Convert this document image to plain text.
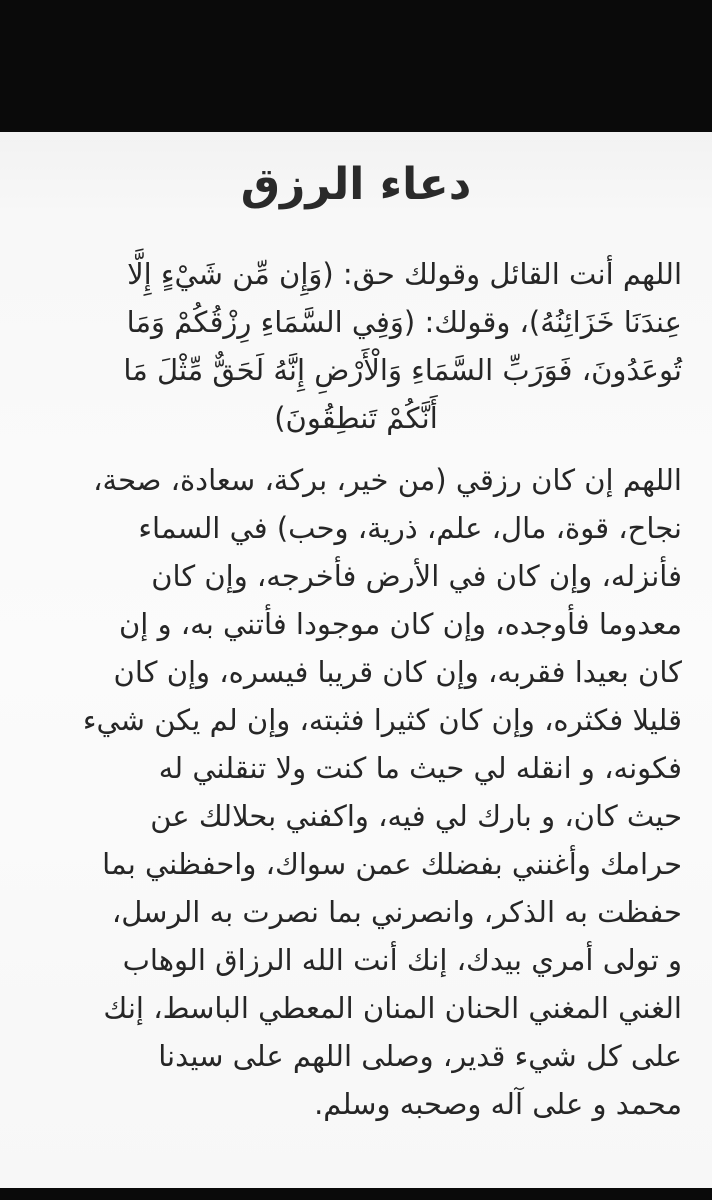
دعاء الرزق
اللهم أنت القائل وقولك حق: (وَإِن مِّن شَيْءٍ إِلَّا
عِندَنَا خَزَائِنُهُ)، وقولك: (وَفِي السَّمَاءِ رِزْقُكُمْ وَمَا
تُوعَدُونَ، فَوَرَبِّ السَّمَاءِ وَالْأَرْضِ إِنَّهُ لَحَقٌّ مِّثْلَ مَا
أَنَّكُمْ تَنطِقُونَ)
اللهم إن كان رزقي (من خير، بركة، سعادة، صحة،
نجاح، قوة، مال، علم، ذرية، وحب) في السماء
فأنزله، وإن كان في الأرض فأخرجه، وإن كان
معدوما فأوجده، وإن كان موجودا فأتني به، و إن
كان بعيدا فقربه، وإن كان قريبا فيسره، وإن كان
قليلا فكثره، وإن كان كثيرا فثبته، وإن لم يكن شيء
فكونه، و انقله لي حيث ما كنت ولا تنقلني له
حيث كان، و بارك لي فيه، واكفني بحلالك عن
حرامك وأغنني بفضلك عمن سواك، واحفظني بما
حفظت به الذكر، وانصرني بما نصرت به الرسل،
و تولى أمري بيدك، إنك أنت الله الرزاق الوهاب
الغني المغني الحنان المنان المعطي الباسط، إنك
على كل شيء قدير، وصلى اللهم على سيدنا
محمد و على آله وصحبه وسلم.
